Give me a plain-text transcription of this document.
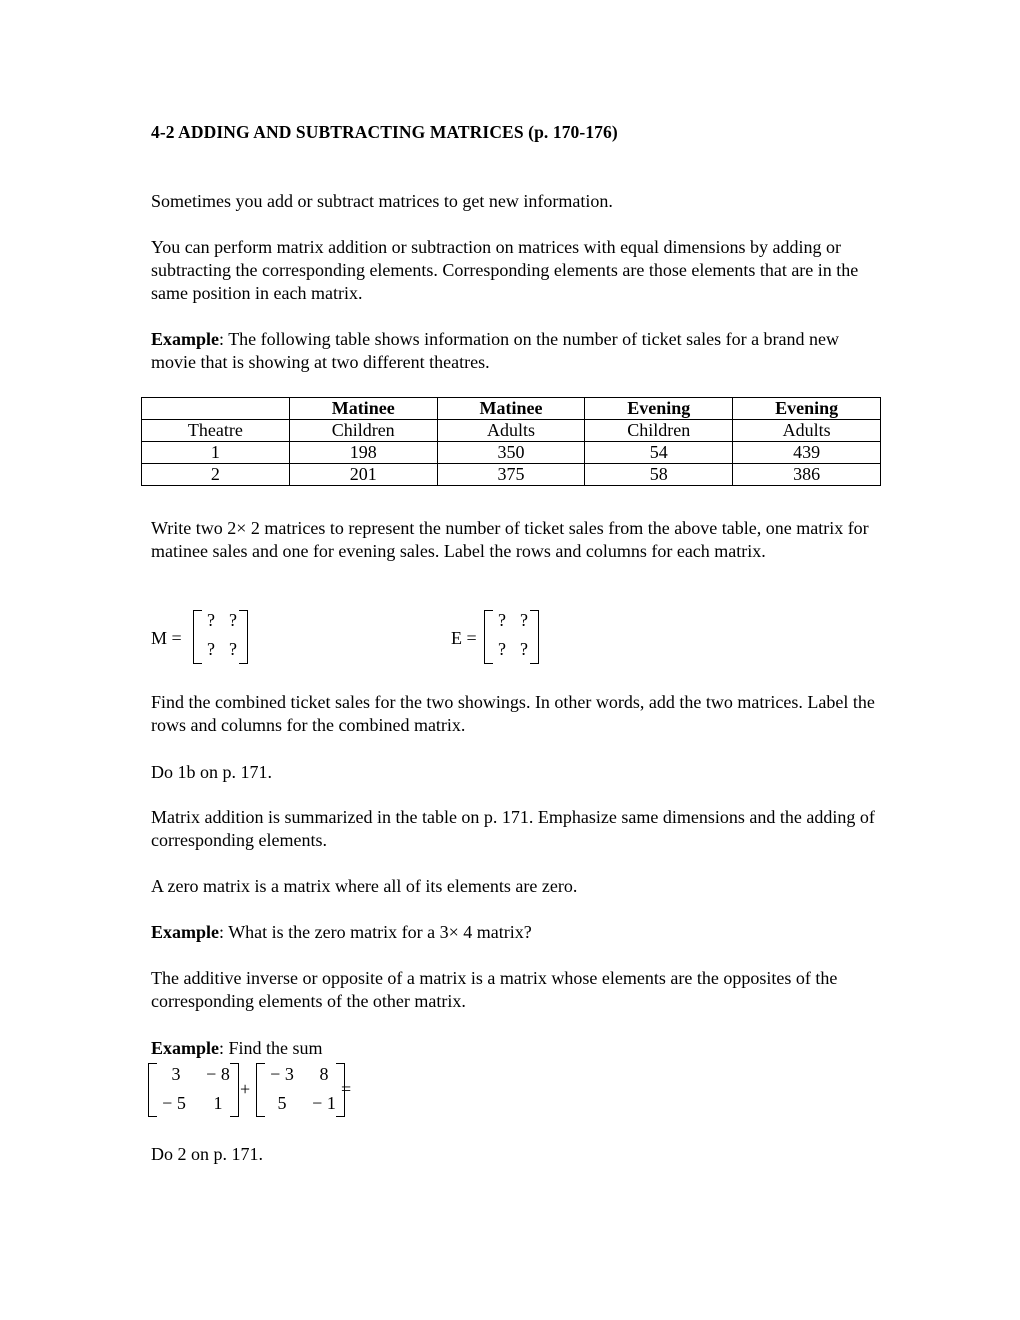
4-2 ADDING AND SUBTRACTING MATRICES (p. 170-176)
Sometimes you add or subtract matrices to get new information.
You can perform matrix addition or subtraction on matrices with equal dimensions by adding or subtracting the corresponding elements. Corresponding elements are those elements that are in the same position in each matrix.
Example: The following table shows information on the number of ticket sales for a brand new movie that is showing at two different theatres.
	Matinee	Matinee	Evening	Evening
Theatre	Children	Adults	Children	Adults
1	198	350	54	439
2	201	375	58	386
Write two 2× 2 matrices to represent the number of ticket sales from the above table, one matrix for matinee sales and one for evening sales. Label the rows and columns for each matrix.
M =
? ?
? ?
E =
? ?
? ?
Find the combined ticket sales for the two showings. In other words, add the two matrices. Label the rows and columns for the combined matrix.
Do 1b on p. 171.
Matrix addition is summarized in the table on p. 171. Emphasize same dimensions and the adding of corresponding elements.
A zero matrix is a matrix where all of its elements are zero.
Example: What is the zero matrix for a 3× 4 matrix?
The additive inverse or opposite of a matrix is a matrix whose elements are the opposites of the corresponding elements of the other matrix.
Example: Find the sum
3	− 8
− 5	1
+
− 3	8
5	− 1
=
Do 2 on p. 171.
